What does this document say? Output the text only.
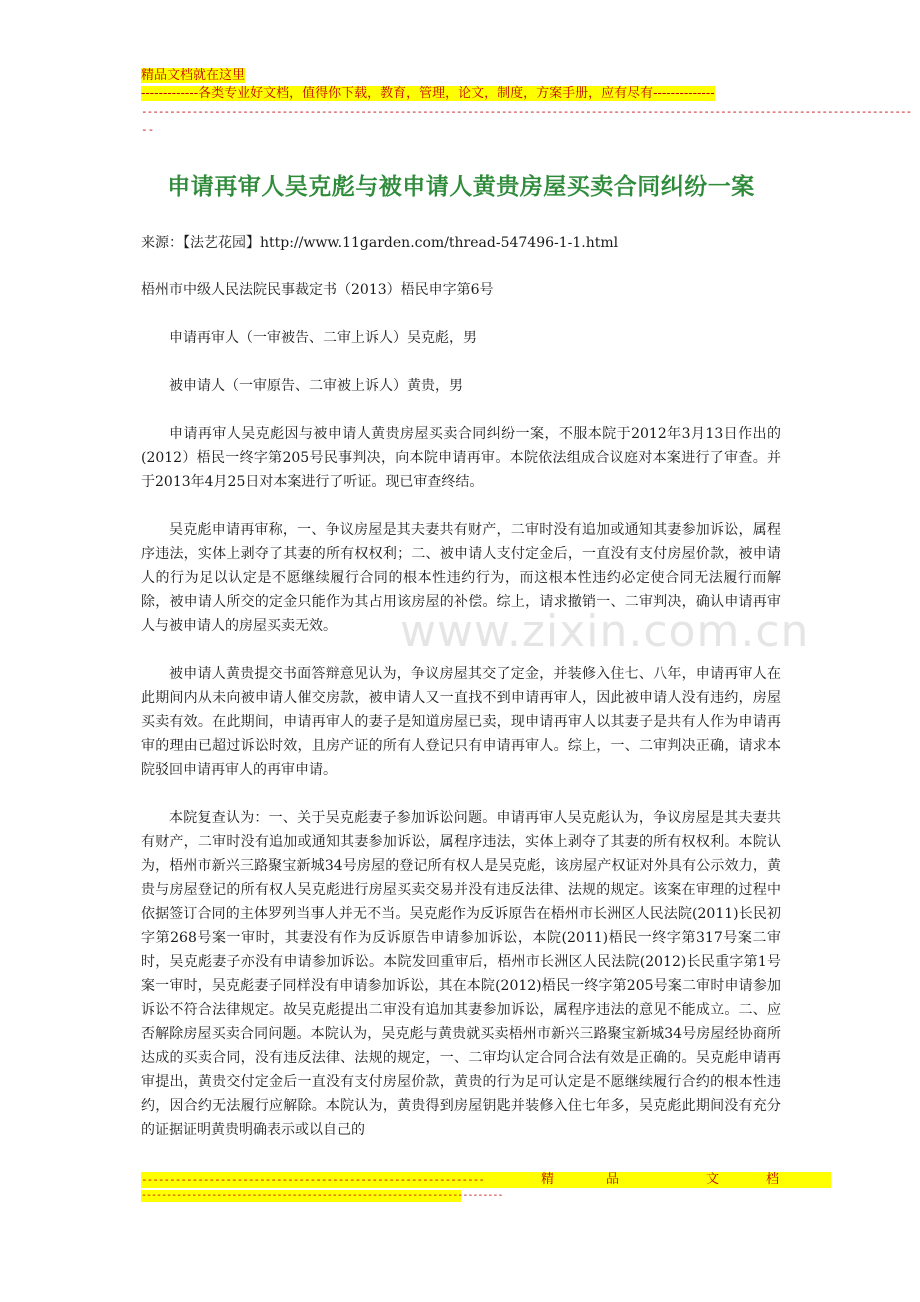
精品文档就在这里
-------------各类专业好文档，值得你下载，教育，管理，论文，制度，方案手册，应有尽有--------------
-----------------------------------------------------------------------------------------------------------------------------------------
--
申请再审人吴克彪与被申请人黄贵房屋买卖合同纠纷一案

来源：【法艺花园】http://www.11garden.com/thread-547496-1-1.html

梧州市中级人民法院民事裁定书（2013）梧民申字第6号

申请再审人（一审被告、二审上诉人）吴克彪，男

被申请人（一审原告、二审被上诉人）黄贵，男

申请再审人吴克彪因与被申请人黄贵房屋买卖合同纠纷一案，不服本院于2012年3月13日作出的(2012）梧民一终字第205号民事判决，向本院申请再审。本院依法组成合议庭对本案进行了审查。并于2013年4月25日对本案进行了听证。现已审查终结。

吴克彪申请再审称，一、争议房屋是其夫妻共有财产，二审时没有追加或通知其妻参加诉讼，属程序违法，实体上剥夺了其妻的所有权权利；二、被申请人支付定金后，一直没有支付房屋价款，被申请人的行为足以认定是不愿继续履行合同的根本性违约行为，而这根本性违约必定使合同无法履行而解除，被申请人所交的定金只能作为其占用该房屋的补偿。综上，请求撤销一、二审判决，确认申请再审人与被申请人的房屋买卖无效。

被申请人黄贵提交书面答辩意见认为，争议房屋其交了定金，并装修入住七、八年，申请再审人在此期间内从未向被申请人催交房款，被申请人又一直找不到申请再审人，因此被申请人没有违约，房屋买卖有效。在此期间，申请再审人的妻子是知道房屋已卖，现申请再审人以其妻子是共有人作为申请再审的理由已超过诉讼时效，且房产证的所有人登记只有申请再审人。综上，一、二审判决正确，请求本院驳回申请再审人的再审申请。

本院复查认为：一、关于吴克彪妻子参加诉讼问题。申请再审人吴克彪认为，争议房屋是其夫妻共有财产，二审时没有追加或通知其妻参加诉讼，属程序违法，实体上剥夺了其妻的所有权权利。本院认为，梧州市新兴三路聚宝新城34号房屋的登记所有权人是吴克彪，该房屋产权证对外具有公示效力，黄贵与房屋登记的所有权人吴克彪进行房屋买卖交易并没有违反法律、法规的规定。该案在审理的过程中依据签订合同的主体罗列当事人并无不当。吴克彪作为反诉原告在梧州市长洲区人民法院(2011)长民初字第268号案一审时，其妻没有作为反诉原告申请参加诉讼，本院(2011)梧民一终字第317号案二审时，吴克彪妻子亦没有申请参加诉讼。本院发回重审后，梧州市长洲区人民法院(2012)长民重字第1号案一审时，吴克彪妻子同样没有申请参加诉讼，其在本院(2012)梧民一终字第205号案二审时申请参加诉讼不符合法律规定。故吴克彪提出二审没有追加其妻参加诉讼，属程序违法的意见不能成立。二、应否解除房屋买卖合同问题。本院认为，吴克彪与黄贵就买卖梧州市新兴三路聚宝新城34号房屋经协商所达成的买卖合同，没有违反法律、法规的规定，一、二审均认定合同合法有效是正确的。吴克彪申请再审提出，黄贵交付定金后一直没有支付房屋价款，黄贵的行为足可认定是不愿继续履行合约的根本性违约，因合约无法履行应解除。本院认为，黄贵得到房屋钥匙并装修入住七年多，吴克彪此期间没有充分的证据证明黄贵明确表示或以自己的

www.zixin.com.cn
-------------------------------------------------------------	精	品	文	档
------------------------------------------------------------------------
